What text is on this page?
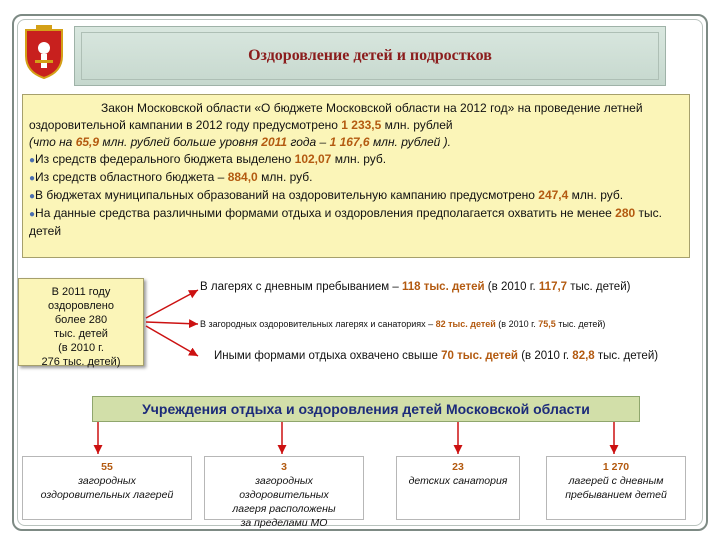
Оздоровление детей и подростков

Закон Московской области «О бюджете Московской области на 2012 год» на проведение летней оздоровительной кампании в 2012 году предусмотрено 1 233,5 млн. рублей

(что на 65,9 млн. рублей больше уровня 2011 года – 1 167,6 млн. рублей ).

●Из средств федерального бюджета выделено 102,07 млн. руб.

●Из средств областного бюджета – 884,0 млн. руб.

●В бюджетах муниципальных образований на оздоровительную кампанию предусмотрено 247,4 млн. руб.

●На данные средства различными формами отдыха и оздоровления предполагается охватить не менее 280 тыс. детей

В 2011 году
оздоровлено
более 280
тыс. детей
(в 2010 г.
276 тыс. детей)
В лагерях с дневным пребыванием – 118 тыс. детей (в 2010 г. 117,7 тыс. детей)
В загородных оздоровительных лагерях и санаториях – 82 тыс. детей (в 2010 г. 75,5 тыс. детей)
Иными формами отдыха охвачено свыше 70 тыс. детей (в 2010 г. 82,8 тыс. детей)
Учреждения отдыха и оздоровления детей Московской области
55
загородных
оздоровительных лагерей
3
загородных
оздоровительных
лагеря расположены
за пределами МО
23
детских санатория
1 270
лагерей с дневным
пребыванием детей
